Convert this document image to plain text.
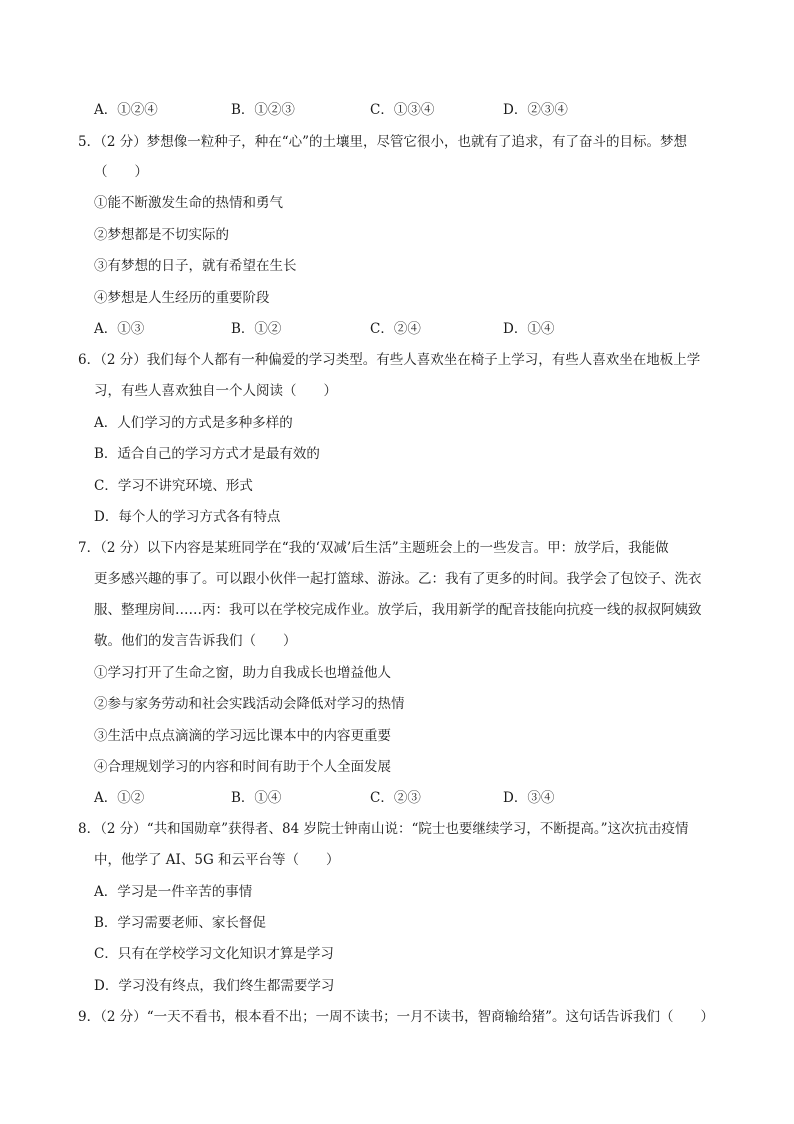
A．①②④	B．①②③	C．①③④	D．②③④
5．（2 分）梦想像一粒种子，种在“心”的土壤里，尽管它很小，也就有了追求，有了奋斗的目标。梦想
（　　）
①能不断激发生命的热情和勇气
②梦想都是不切实际的
③有梦想的日子，就有希望在生长
④梦想是人生经历的重要阶段
A．①③	B．①②	C．②④	D．①④
6．（2 分）我们每个人都有一种偏爱的学习类型。有些人喜欢坐在椅子上学习，有些人喜欢坐在地板上学
习，有些人喜欢独自一个人阅读（　　）
A．人们学习的方式是多种多样的
B．适合自己的学习方式才是最有效的
C．学习不讲究环境、形式
D．每个人的学习方式各有特点
7．（2 分）以下内容是某班同学在“我的‘双减’后生活”主题班会上的一些发言。甲：放学后，我能做
更多感兴趣的事了。可以跟小伙伴一起打篮球、游泳。乙：我有了更多的时间。我学会了包饺子、洗衣
服、整理房间……丙：我可以在学校完成作业。放学后，我用新学的配音技能向抗疫一线的叔叔阿姨致
敬。他们的发言告诉我们（　　）
①学习打开了生命之窗，助力自我成长也增益他人
②参与家务劳动和社会实践活动会降低对学习的热情
③生活中点点滴滴的学习远比课本中的内容更重要
④合理规划学习的内容和时间有助于个人全面发展
A．①②	B．①④	C．②③	D．③④
8．（2 分）“共和国勋章”获得者、84 岁院士钟南山说：“院士也要继续学习，不断提高。”这次抗击疫情
中，他学了 AI、5G 和云平台等（　　）
A．学习是一件辛苦的事情
B．学习需要老师、家长督促
C．只有在学校学习文化知识才算是学习
D．学习没有终点，我们终生都需要学习
9．（2 分）“一天不看书，根本看不出；一周不读书；一月不读书，智商输给猪”。这句话告诉我们（　　）
